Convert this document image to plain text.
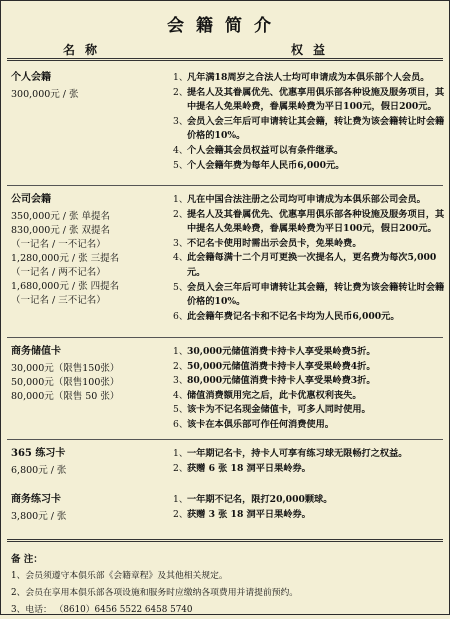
会籍简介
名称	权益
个人会籍
300,000元 / 张
1、
凡年满18周岁之合法人士均可申请成为本俱乐部个人会员。
2、
提名人及其眷属优先、优惠享用俱乐部各种设施及服务项目，其中提名人免果岭费，眷属果岭费为平日100元，假日200元。
3、
会员入会三年后可申请转让其会籍，转让费为该会籍转让时会籍价格的10%。
4、
个人会籍其会员权益可以有条件继承。
5、
个人会籍年费为每年人民币6,000元。
公司会籍
350,000元 / 张 单提名
830,000元 / 张 双提名
（一记名 / 一不记名）
1,280,000元 / 张 三提名
（一记名 / 两不记名）
1,680,000元 / 张 四提名
（一记名 / 三不记名）
1、
凡在中国合法注册之公司均可申请成为本俱乐部公司会员。
2、
提名人及其眷属优先、优惠享用俱乐部各种设施及服务项目，其中提名人免果岭费，眷属果岭费为平日100元，假日200元。
3、
不记名卡使用时需出示会员卡，免果岭费。
4、
此会籍每满十二个月可更换一次提名人，更名费为每次5,000元。
5、
会员入会三年后可申请转让其会籍，转让费为该会籍转让时会籍价格的10%。
6、
此会籍年费记名卡和不记名卡均为人民币6,000元。
商务储值卡
30,000元（限售150张）
50,000元（限售100张）
80,000元（限售 50 张）
1、
30,000元储值消费卡持卡人享受果岭费5折。
2、
50,000元储值消费卡持卡人享受果岭费4折。
3、
80,000元储值消费卡持卡人享受果岭费3折。
4、
储值消费额用完之后，此卡优惠权利丧失。
5、
该卡为不记名现金储值卡，可多人同时使用。
6、
该卡在本俱乐部可作任何消费使用。
365 练习卡
6,800元 / 张
1、
一年期记名卡，持卡人可享有练习球无限畅打之权益。
2、
获赠 6 张 18 洞平日果岭券。
商务练习卡
3,800元 / 张
1、
一年期不记名，限打20,000颗球。
2、
获赠 3 张 18 洞平日果岭券。
备 注：
1、会员须遵守本俱乐部《会籍章程》及其他相关规定。
2、会员在享用本俱乐部各项设施和服务时应缴纳各项费用并请提前预约。
3、电话： （8610）6456 5522 6458 5740
